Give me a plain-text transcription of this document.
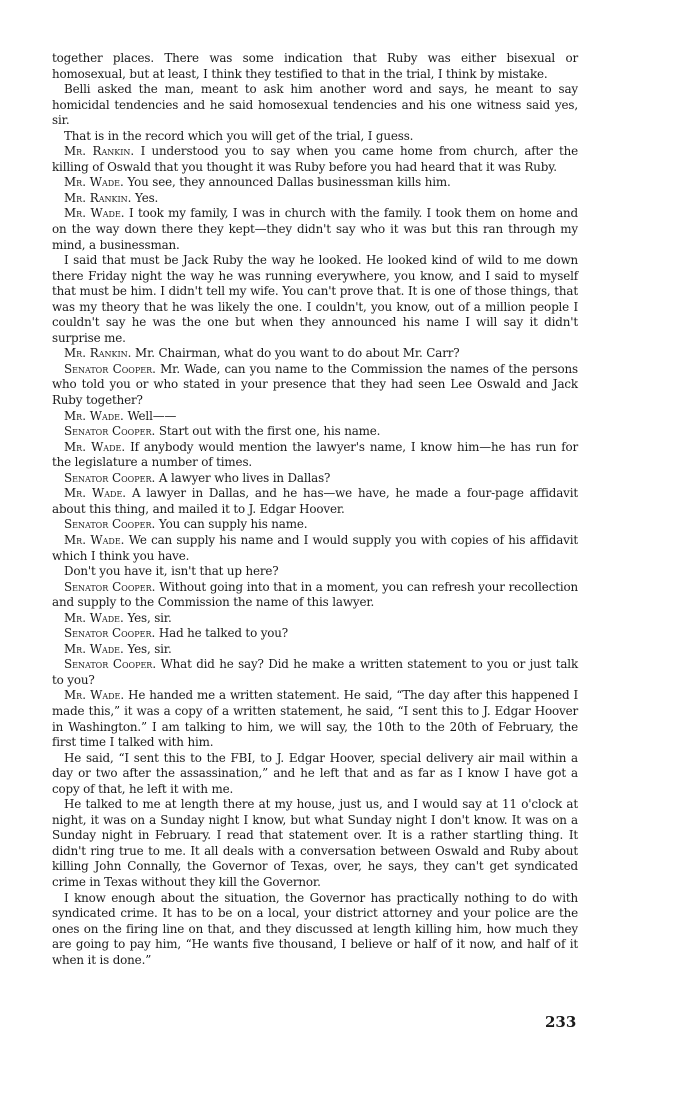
together places. There was some indication that Ruby was either bisexual or homosexual, but at least, I think they testified to that in the trial, I think by mistake.

Belli asked the man, meant to ask him another word and says, he meant to say homicidal tendencies and he said homosexual tendencies and his one witness said yes, sir.

That is in the record which you will get of the trial, I guess.

Mr. Rankin. I understood you to say when you came home from church, after the killing of Oswald that you thought it was Ruby before you had heard that it was Ruby.

Mr. Wade. You see, they announced Dallas businessman kills him.

Mr. Rankin. Yes.

Mr. Wade. I took my family, I was in church with the family. I took them on home and on the way down there they kept—they didn't say who it was but this ran through my mind, a businessman.

I said that must be Jack Ruby the way he looked. He looked kind of wild to me down there Friday night the way he was running everywhere, you know, and I said to myself that must be him. I didn't tell my wife. You can't prove that. It is one of those things, that was my theory that he was likely the one. I couldn't, you know, out of a million people I couldn't say he was the one but when they announced his name I will say it didn't surprise me.

Mr. Rankin. Mr. Chairman, what do you want to do about Mr. Carr?

Senator Cooper. Mr. Wade, can you name to the Commission the names of the persons who told you or who stated in your presence that they had seen Lee Oswald and Jack Ruby together?

Mr. Wade. Well——

Senator Cooper. Start out with the first one, his name.

Mr. Wade. If anybody would mention the lawyer's name, I know him—he has run for the legislature a number of times.

Senator Cooper. A lawyer who lives in Dallas?

Mr. Wade. A lawyer in Dallas, and he has—we have, he made a four-page affidavit about this thing, and mailed it to J. Edgar Hoover.

Senator Cooper. You can supply his name.

Mr. Wade. We can supply his name and I would supply you with copies of his affidavit which I think you have.

Don't you have it, isn't that up here?

Senator Cooper. Without going into that in a moment, you can refresh your recollection and supply to the Commission the name of this lawyer.

Mr. Wade. Yes, sir.

Senator Cooper. Had he talked to you?

Mr. Wade. Yes, sir.

Senator Cooper. What did he say? Did he make a written statement to you or just talk to you?

Mr. Wade. He handed me a written statement. He said, “The day after this happened I made this,” it was a copy of a written statement, he said, “I sent this to J. Edgar Hoover in Washington.” I am talking to him, we will say, the 10th to the 20th of February, the first time I talked with him.

He said, “I sent this to the FBI, to J. Edgar Hoover, special delivery air mail within a day or two after the assassination,” and he left that and as far as I know I have got a copy of that, he left it with me.

He talked to me at length there at my house, just us, and I would say at 11 o'clock at night, it was on a Sunday night I know, but what Sunday night I don't know. It was on a Sunday night in February. I read that statement over. It is a rather startling thing. It didn't ring true to me. It all deals with a conversation between Oswald and Ruby about killing John Connally, the Governor of Texas, over, he says, they can't get syndicated crime in Texas without they kill the Governor.

I know enough about the situation, the Governor has practically nothing to do with syndicated crime. It has to be on a local, your district attorney and your police are the ones on the firing line on that, and they discussed at length killing him, how much they are going to pay him, “He wants five thousand, I believe or half of it now, and half of it when it is done.”

233
